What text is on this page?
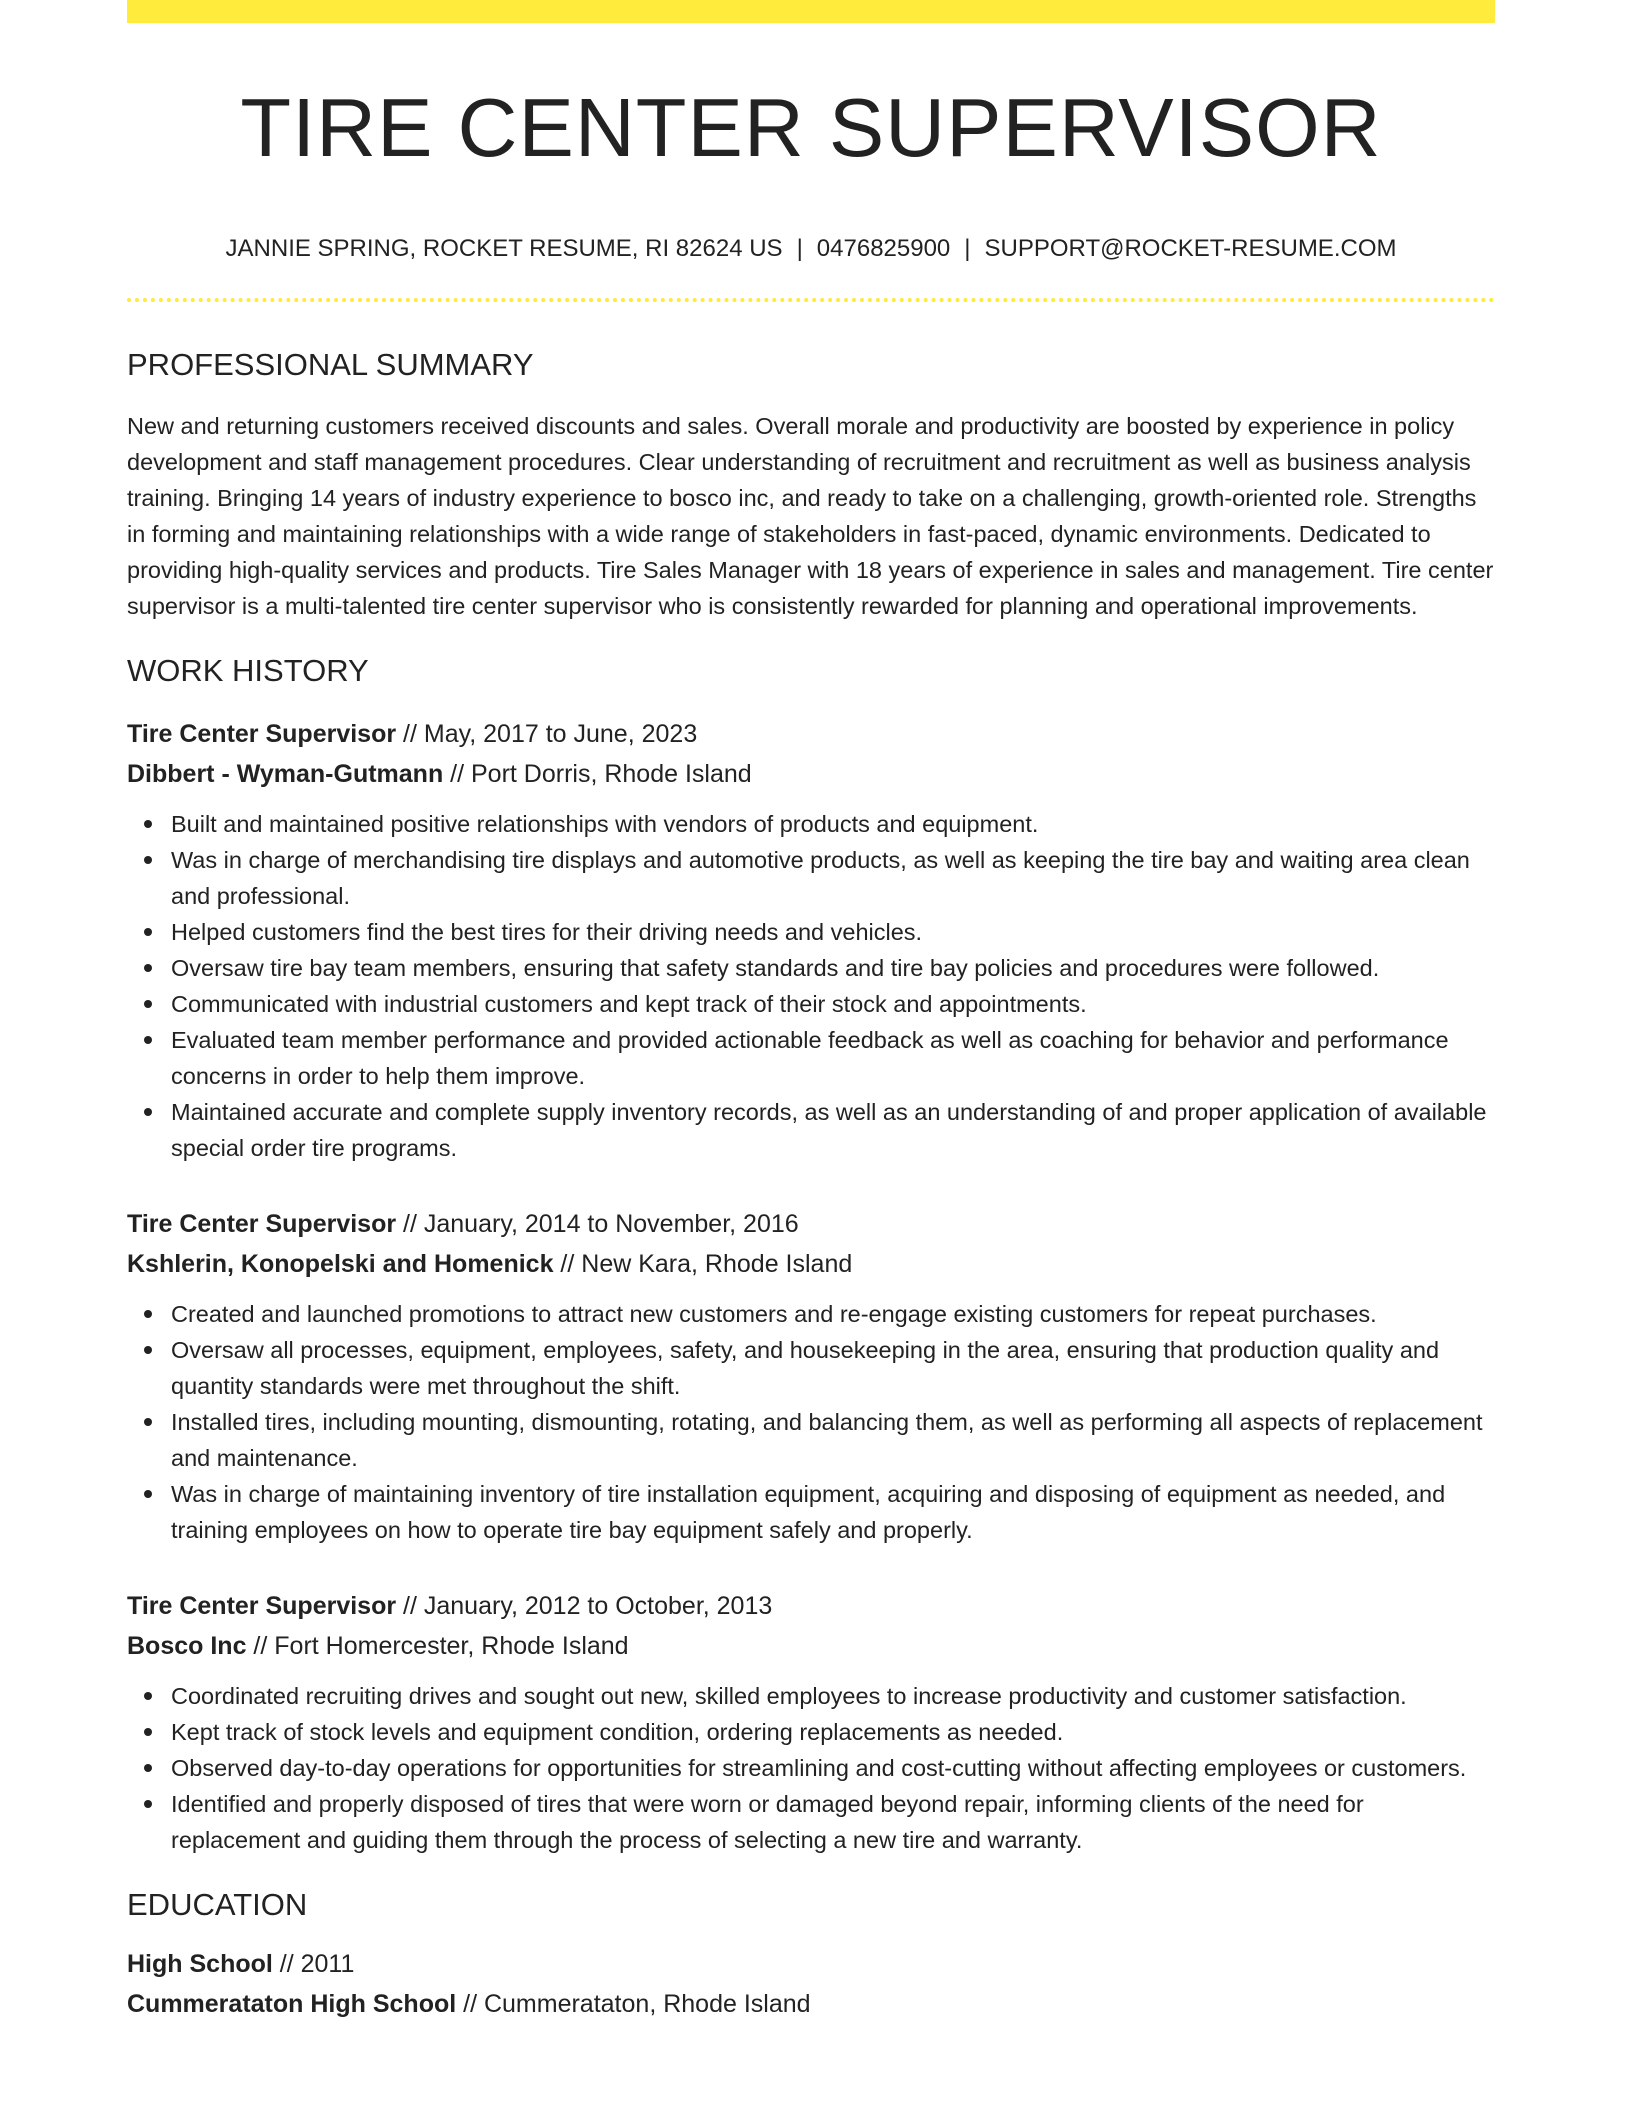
TIRE CENTER SUPERVISOR
JANNIE SPRING, ROCKET RESUME, RI 82624 US | 0476825900 | SUPPORT@ROCKET-RESUME.COM
PROFESSIONAL SUMMARY

New and returning customers received discounts and sales. Overall morale and productivity are boosted by experience in policy development and staff management procedures. Clear understanding of recruitment and recruitment as well as business analysis training. Bringing 14 years of industry experience to bosco inc, and ready to take on a challenging, growth-oriented role. Strengths in forming and maintaining relationships with a wide range of stakeholders in fast-paced, dynamic environments. Dedicated to providing high-quality services and products. Tire Sales Manager with 18 years of experience in sales and management. Tire center supervisor is a multi-talented tire center supervisor who is consistently rewarded for planning and operational improvements.

WORK HISTORY
Tire Center Supervisor // May, 2017 to June, 2023
Dibbert - Wyman-Gutmann // Port Dorris, Rhode Island
Built and maintained positive relationships with vendors of products and equipment.
Was in charge of merchandising tire displays and automotive products, as well as keeping the tire bay and waiting area clean and professional.
Helped customers find the best tires for their driving needs and vehicles.
Oversaw tire bay team members, ensuring that safety standards and tire bay policies and procedures were followed.
Communicated with industrial customers and kept track of their stock and appointments.
Evaluated team member performance and provided actionable feedback as well as coaching for behavior and performance concerns in order to help them improve.
Maintained accurate and complete supply inventory records, as well as an understanding of and proper application of available special order tire programs.
Tire Center Supervisor // January, 2014 to November, 2016
Kshlerin, Konopelski and Homenick // New Kara, Rhode Island
Created and launched promotions to attract new customers and re-engage existing customers for repeat purchases.
Oversaw all processes, equipment, employees, safety, and housekeeping in the area, ensuring that production quality and quantity standards were met throughout the shift.
Installed tires, including mounting, dismounting, rotating, and balancing them, as well as performing all aspects of replacement and maintenance.
Was in charge of maintaining inventory of tire installation equipment, acquiring and disposing of equipment as needed, and training employees on how to operate tire bay equipment safely and properly.
Tire Center Supervisor // January, 2012 to October, 2013
Bosco Inc // Fort Homercester, Rhode Island
Coordinated recruiting drives and sought out new, skilled employees to increase productivity and customer satisfaction.
Kept track of stock levels and equipment condition, ordering replacements as needed.
Observed day-to-day operations for opportunities for streamlining and cost-cutting without affecting employees or customers.
Identified and properly disposed of tires that were worn or damaged beyond repair, informing clients of the need for replacement and guiding them through the process of selecting a new tire and warranty.
EDUCATION
High School // 2011
Cummeratаton High School // Cummeratаton, Rhode Island
